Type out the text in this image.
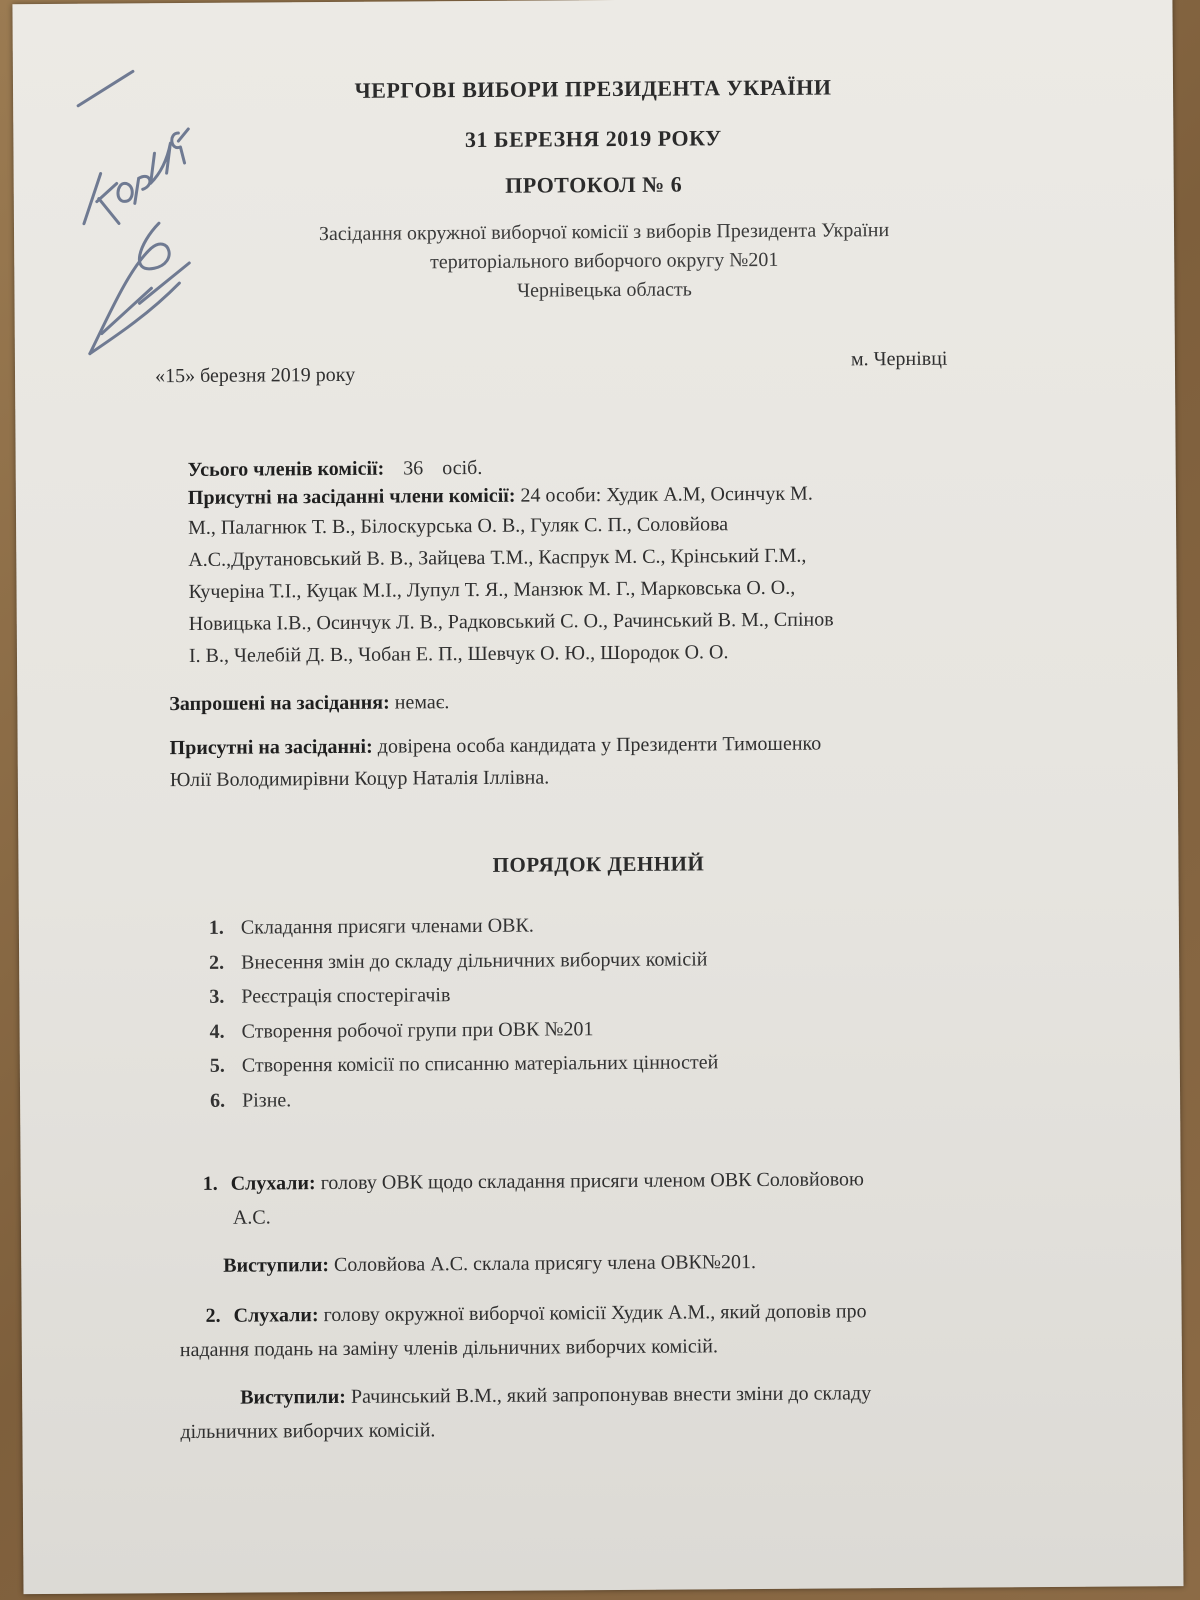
ЧЕРГОВІ ВИБОРИ ПРЕЗИДЕНТА УКРАЇНИ
31 БЕРЕЗНЯ 2019 РОКУ
ПРОТОКОЛ № 6
Засідання окружної виборчої комісії з виборів Президента України
територіального виборчого округу №201
Чернівецька область
«15» березня 2019 року
м. Чернівці
Усього членів комісії: 36 осіб.
Присутні на засіданні члени комісії: 24 особи: Худик А.М, Осинчук М.
М., Палагнюк Т. В., Білоскурська О. В., Гуляк С. П., Соловйова
А.С.,Друтановський В. В., Зайцева Т.М., Каспрук М. С., Крінський Г.М.,
Кучеріна Т.І., Куцак М.І., Лупул Т. Я., Манзюк М. Г., Марковська О. О.,
Новицька І.В., Осинчук Л. В., Радковський С. О., Рачинський В. М., Спінов
І. В., Челебій Д. В., Чобан Е. П., Шевчук О. Ю., Шородок О. О.
Запрошені на засідання: немає.
Присутні на засіданні: довірена особа кандидата у Президенти Тимошенко
Юлії Володимирівни Коцур Наталія Іллівна.
ПОРЯДОК ДЕННИЙ
1. Складання присяги членами ОВК.
2. Внесення змін до складу дільничних виборчих комісій
3. Реєстрація спостерігачів
4. Створення робочої групи при ОВК №201
5. Створення комісії по списанню матеріальних цінностей
6. Різне.
1. Слухали: голову ОВК щодо складання присяги членом ОВК Соловйовою
А.С.
Виступили: Соловйова А.С. склала присягу члена ОВК№201.
2. Слухали: голову окружної виборчої комісії Худик А.М., який доповів про
надання подань на заміну членів дільничних виборчих комісій.
Виступили: Рачинський В.М., який запропонував внести зміни до складу
дільничних виборчих комісій.
